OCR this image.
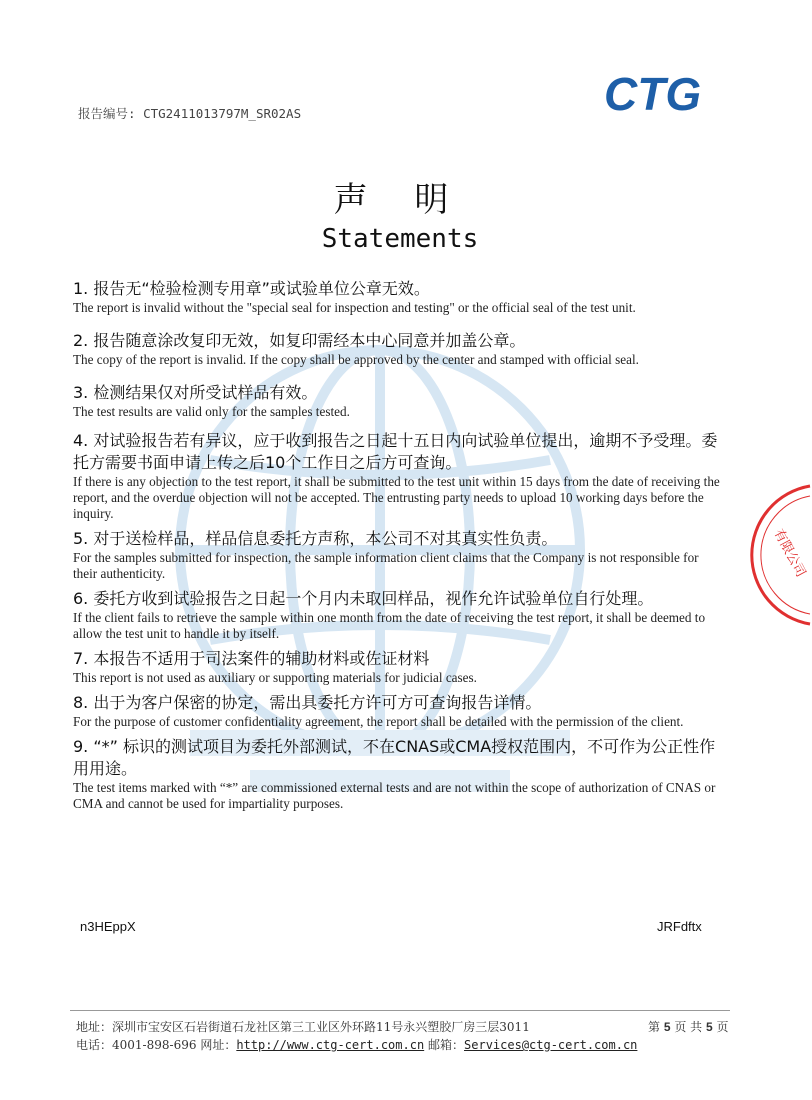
报告编号: CTG2411013797M_SR02AS	CTG
声 明
Statements
1. 报告无“检验检测专用章”或试验单位公章无效。
The report is invalid without the "special seal for inspection and testing" or the official seal of the test unit.
2. 报告随意涂改复印无效，如复印需经本中心同意并加盖公章。
The copy of the report is invalid. If the copy shall be approved by the center and stamped with official seal.
3. 检测结果仅对所受试样品有效。
The test results are valid only for the samples tested.
4. 对试验报告若有异议，应于收到报告之日起十五日内向试验单位提出，逾期不予受理。委托方需要书面申请上传之后10个工作日之后方可查询。
If there is any objection to the test report, it shall be submitted to the test unit within 15 days from the date of receiving the report, and the overdue objection will not be accepted. The entrusting party needs to upload 10 working days before the inquiry.
5. 对于送检样品，样品信息委托方声称，本公司不对其真实性负责。
For the samples submitted for inspection, the sample information client claims that the Company is not responsible for their authenticity.
6. 委托方收到试验报告之日起一个月内未取回样品，视作允许试验单位自行处理。
If the client fails to retrieve the sample within one month from the date of receiving the test report, it shall be deemed to allow the test unit to handle it by itself.
7. 本报告不适用于司法案件的辅助材料或佐证材料
This report is not used as auxiliary or supporting materials for judicial cases.
8. 出于为客户保密的协定，需出具委托方许可方可查询报告详情。
For the purpose of customer confidentiality agreement, the report shall be detailed with the permission of the client.
9. “*” 标识的测试项目为委托外部测试，不在CNAS或CMA授权范围内，不可作为公正性作用用途。
The test items marked with “*” are commissioned external tests and are not within the scope of authorization of CNAS or CMA and cannot be used for impartiality purposes.
n3HEppX	JRFdftx
有限公司
地址：深圳市宝安区石岩街道石龙社区第三工业区外环路11号永兴塑胶厂房三层3011	第 5 页 共 5 页
电话：4001-898-696 网址：http://www.ctg-cert.com.cn 邮箱：Services@ctg-cert.com.cn
